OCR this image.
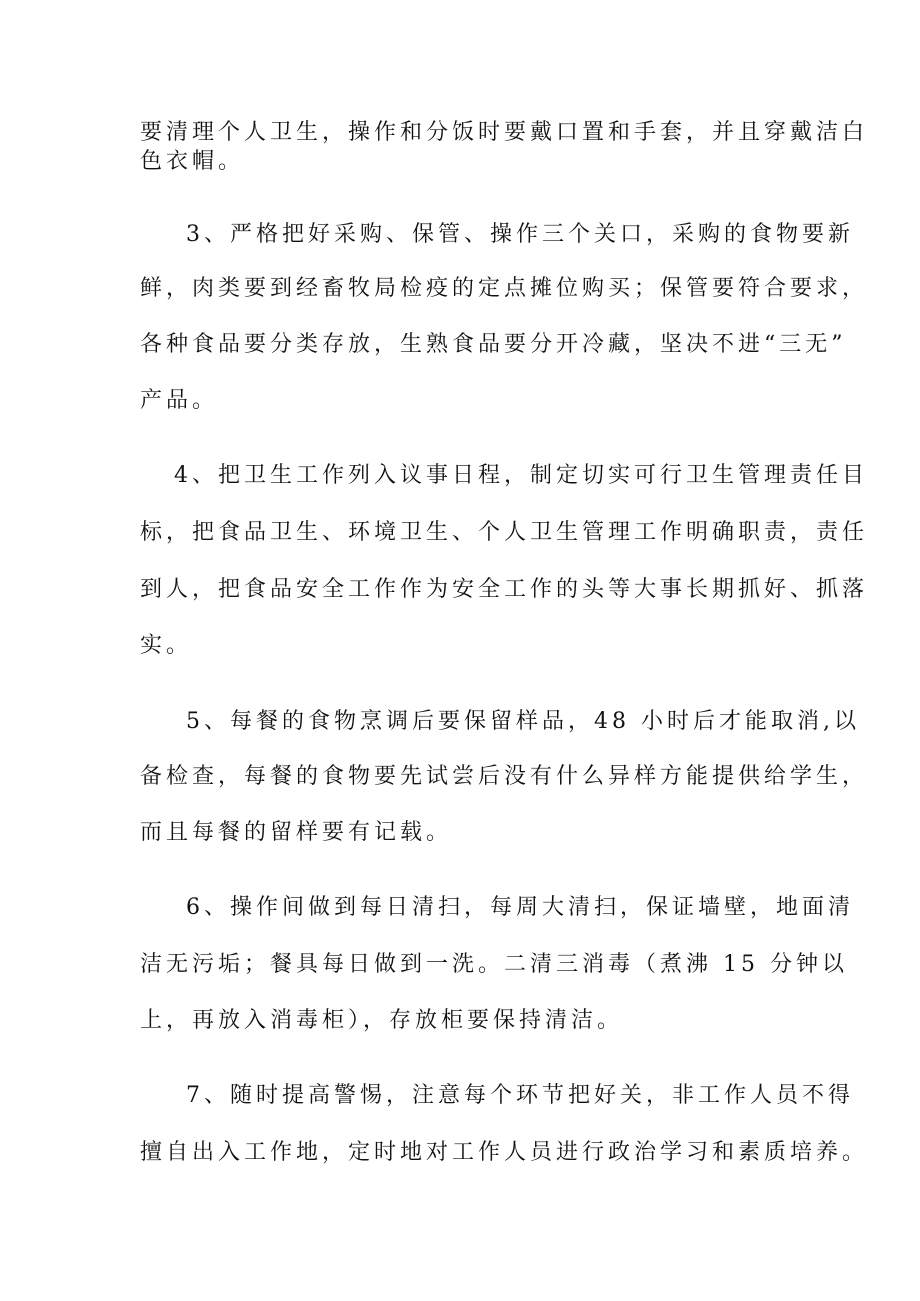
要清理个人卫生，操作和分饭时要戴口置和手套，并且穿戴洁白
色衣帽。
3、严格把好采购、保管、操作三个关口，采购的食物要新
鲜，肉类要到经畜牧局检疫的定点摊位购买；保管要符合要求，
各种食品要分类存放，生熟食品要分开冷藏，坚决不进“三无”
产品。
4、把卫生工作列入议事日程，制定切实可行卫生管理责任目
标，把食品卫生、环境卫生、个人卫生管理工作明确职责，责任
到人，把食品安全工作作为安全工作的头等大事长期抓好、抓落
实。
5、每餐的食物烹调后要保留样品，48 小时后才能取消,以
备检查，每餐的食物要先试尝后没有什么异样方能提供给学生，
而且每餐的留样要有记载。
6、操作间做到每日清扫，每周大清扫，保证墙壁，地面清
洁无污垢；餐具每日做到一洗。二清三消毒（煮沸 15 分钟以
上，再放入消毒柜），存放柜要保持清洁。
7、随时提高警惕，注意每个环节把好关，非工作人员不得
擅自出入工作地，定时地对工作人员进行政治学习和素质培养。
